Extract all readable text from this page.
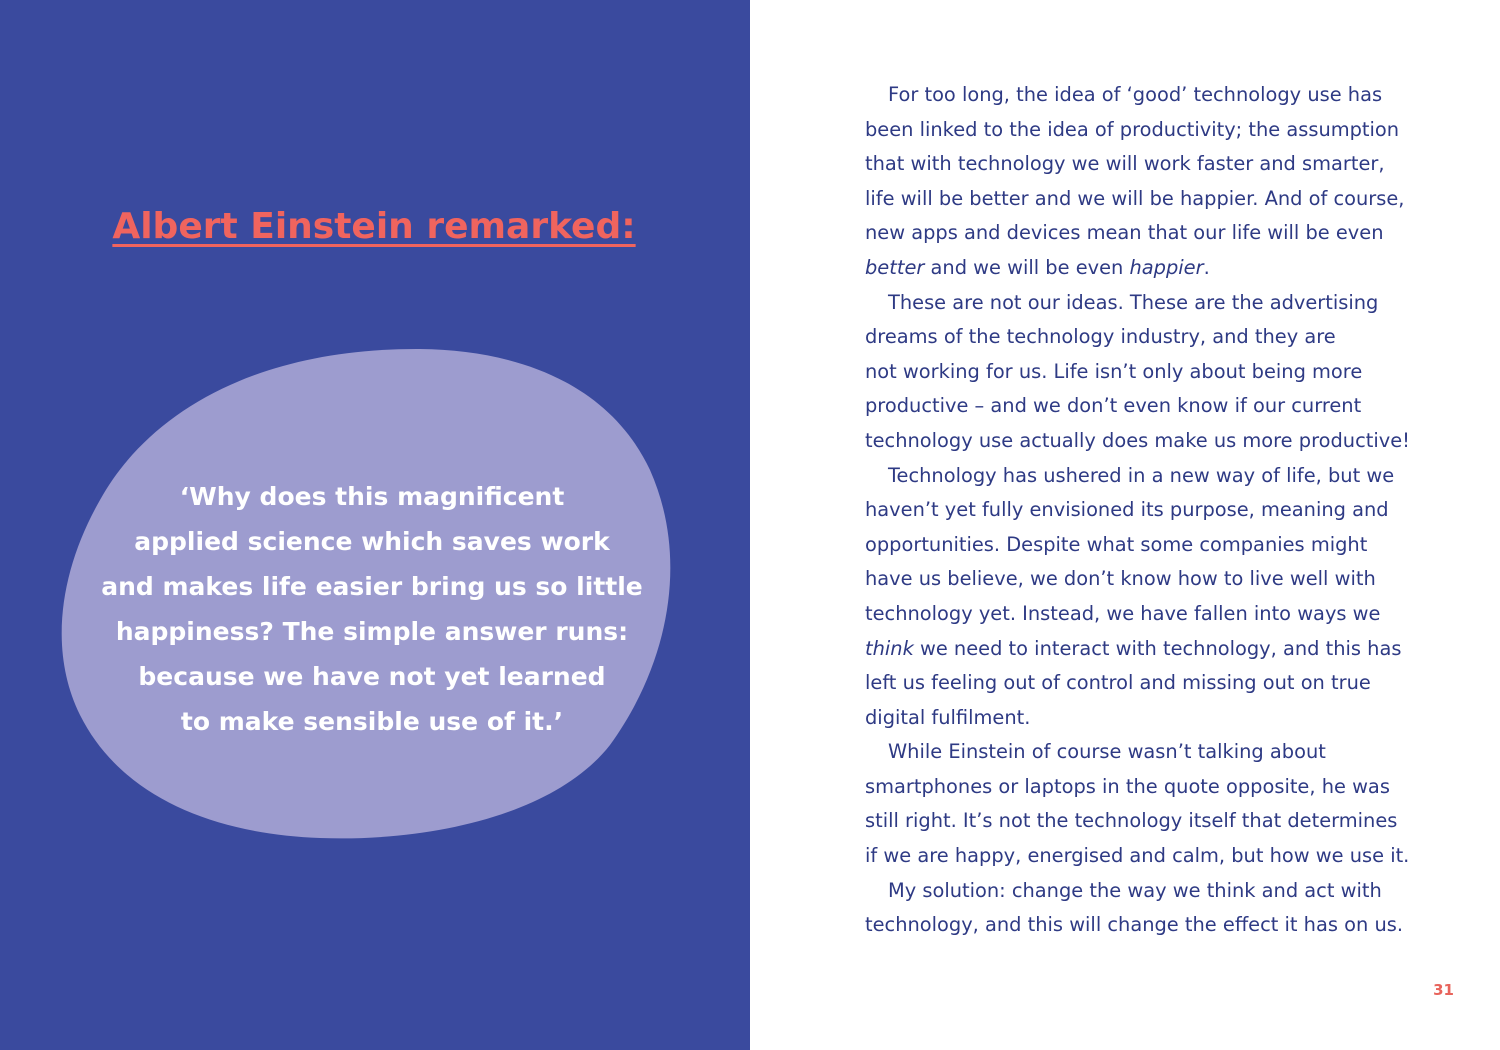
Albert Einstein remarked:
‘Why does this magnificent
applied science which saves work
and makes life easier bring us so little
happiness? The simple answer runs:
because we have not yet learned
to make sensible use of it.’
For too long, the idea of ‘good’ technology use has
been linked to the idea of productivity; the assumption
that with technology we will work faster and smarter,
life will be better and we will be happier. And of course,
new apps and devices mean that our life will be even
better and we will be even happier.
These are not our ideas. These are the advertising
dreams of the technology industry, and they are
not working for us. Life isn’t only about being more
productive – and we don’t even know if our current
technology use actually does make us more productive!
Technology has ushered in a new way of life, but we
haven’t yet fully envisioned its purpose, meaning and
opportunities. Despite what some companies might
have us believe, we don’t know how to live well with
technology yet. Instead, we have fallen into ways we
think we need to interact with technology, and this has
left us feeling out of control and missing out on true
digital fulfilment.
While Einstein of course wasn’t talking about
smartphones or laptops in the quote opposite, he was
still right. It’s not the technology itself that determines
if we are happy, energised and calm, but how we use it.
My solution: change the way we think and act with
technology, and this will change the effect it has on us.
31
